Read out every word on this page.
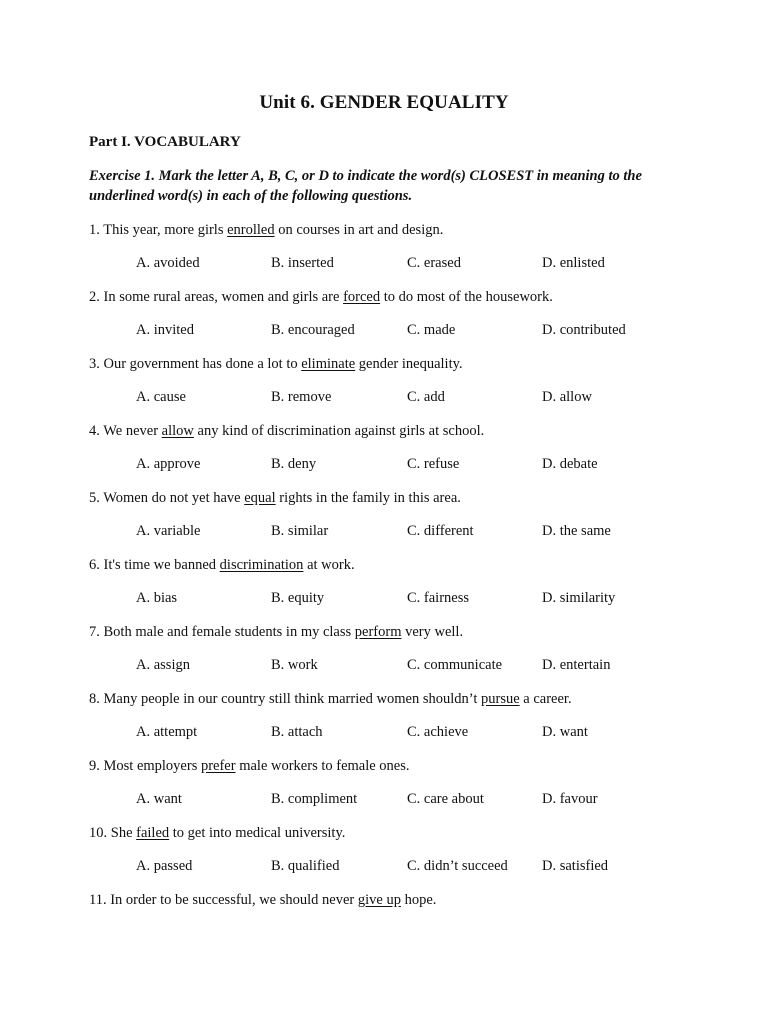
Unit 6. GENDER EQUALITY
Part I. VOCABULARY
Exercise 1. Mark the letter A, B, C, or D to indicate the word(s) CLOSEST in meaning to the underlined word(s) in each of the following questions.
1. This year, more girls enrolled on courses in art and design.
A. avoided	B. inserted	C. erased	D. enlisted
2. In some rural areas, women and girls are forced to do most of the housework.
A. invited	B. encouraged	C. made	D. contributed
3. Our government has done a lot to eliminate gender inequality.
A. cause	B. remove	C. add	D. allow
4. We never allow any kind of discrimination against girls at school.
A. approve	B. deny	C. refuse	D. debate
5. Women do not yet have equal rights in the family in this area.
A. variable	B. similar	C. different	D. the same
6. It's time we banned discrimination at work.
A. bias	B. equity	C. fairness	D. similarity
7. Both male and female students in my class perform very well.
A. assign	B. work	C. communicate	D. entertain
8. Many people in our country still think married women shouldn’t pursue a career.
A. attempt	B. attach	C. achieve	D. want
9. Most employers prefer male workers to female ones.
A. want	B. compliment	C. care about	D. favour
10. She failed to get into medical university.
A. passed	B. qualified	C. didn’t succeed D. satisfied
11. In order to be successful, we should never give up hope.
